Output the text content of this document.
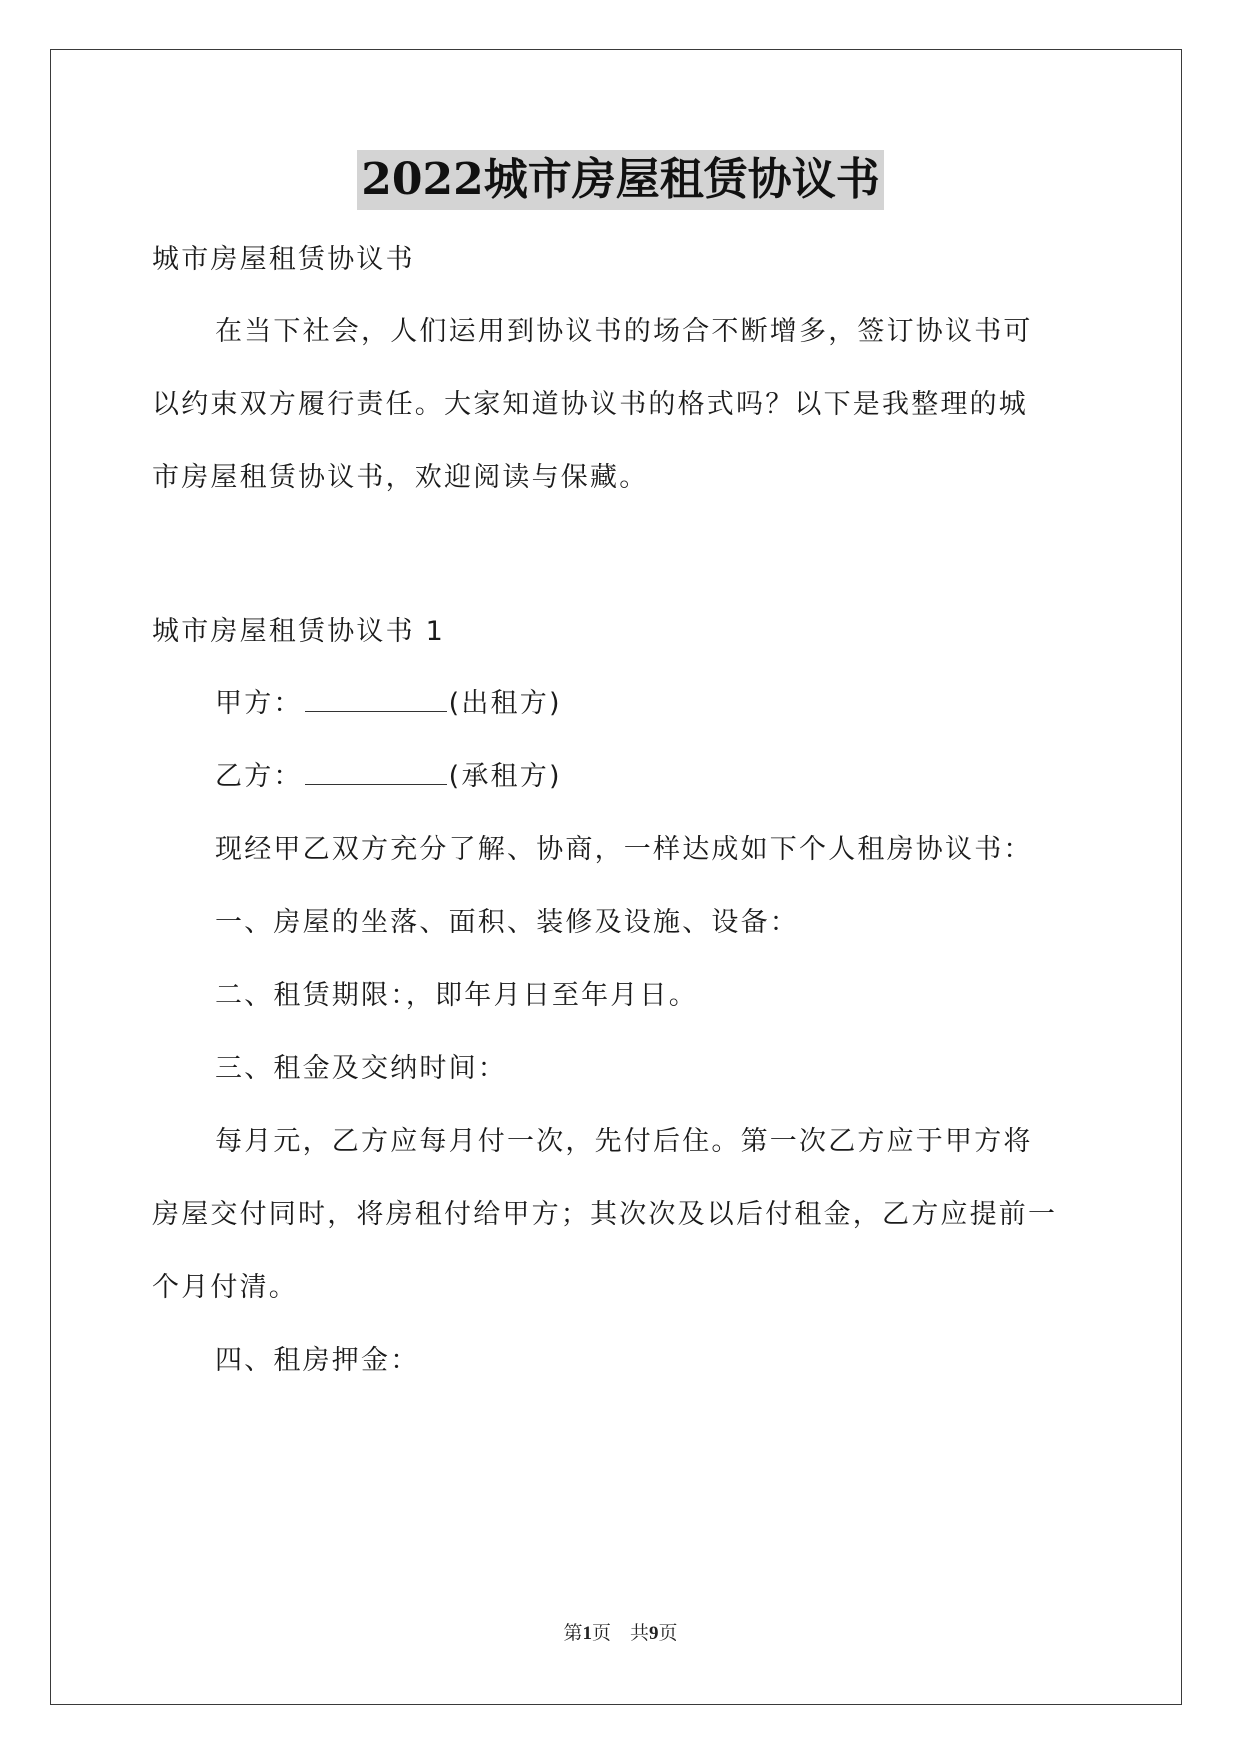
2022城市房屋租赁协议书
城市房屋租赁协议书
在当下社会，人们运用到协议书的场合不断增多，签订协议书可
以约束双方履行责任。大家知道协议书的格式吗？以下是我整理的城
市房屋租赁协议书，欢迎阅读与保藏。
城市房屋租赁协议书 1
甲方：	(出租方)
乙方：	(承租方)
现经甲乙双方充分了解、协商，一样达成如下个人租房协议书：
一、房屋的坐落、面积、装修及设施、设备：
二、租赁期限：，即年月日至年月日。
三、租金及交纳时间：
每月元，乙方应每月付一次，先付后住。第一次乙方应于甲方将
房屋交付同时，将房租付给甲方；其次次及以后付租金，乙方应提前一
个月付清。
四、租房押金：
第1页　共9页
